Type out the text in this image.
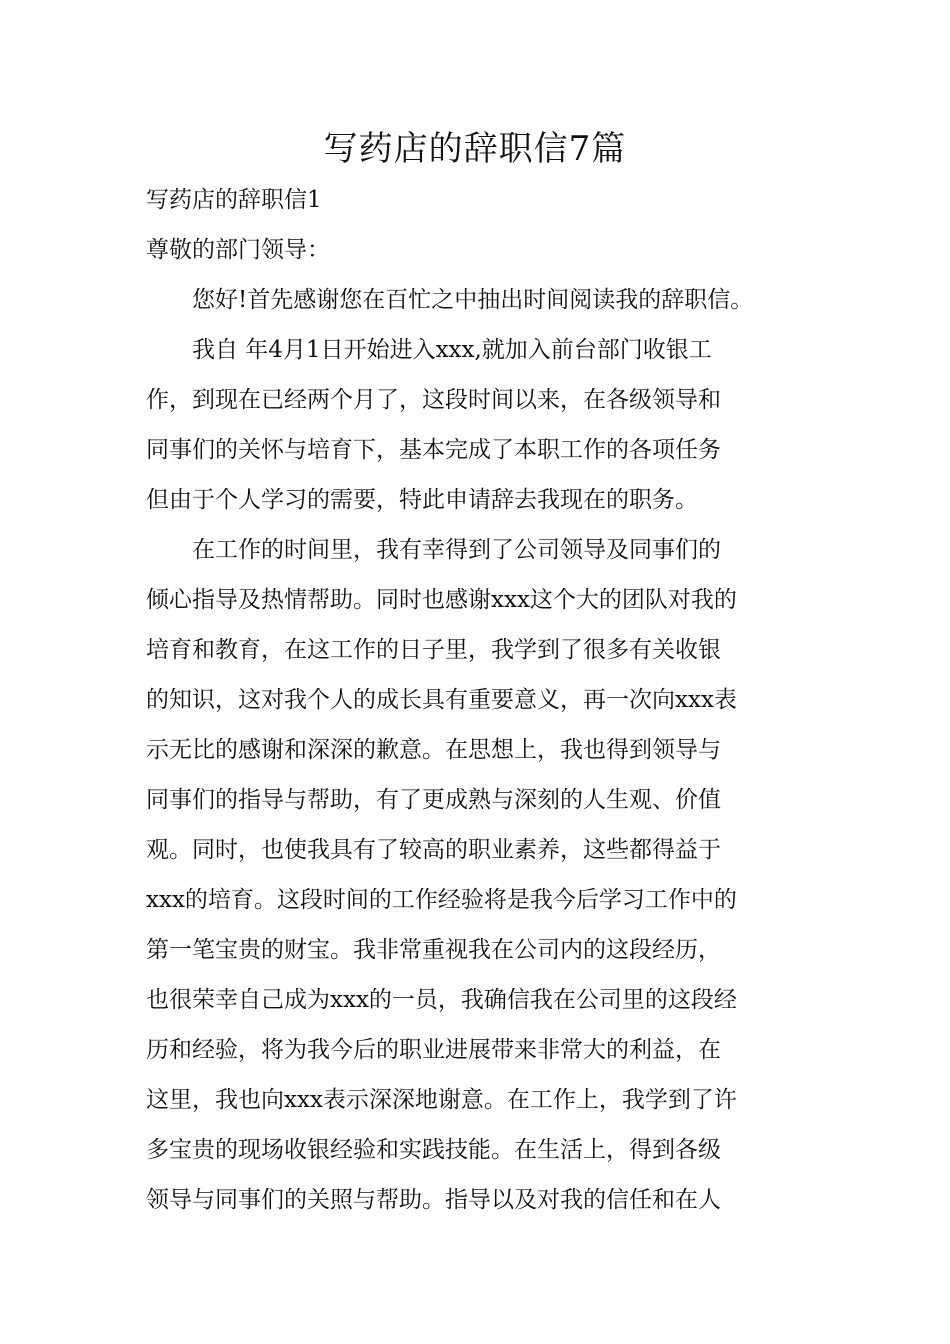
写药店的辞职信7篇
写药店的辞职信1

尊敬的部门领导：

　　您好!首先感谢您在百忙之中抽出时间阅读我的辞职信。
　　我自 年4月1日开始进入xxx,就加入前台部门收银工
作，到现在已经两个月了，这段时间以来，在各级领导和
同事们的关怀与培育下，基本完成了本职工作的各项任务
但由于个人学习的需要，特此申请辞去我现在的职务。
　　在工作的时间里，我有幸得到了公司领导及同事们的
倾心指导及热情帮助。同时也感谢xxx这个大的团队对我的
培育和教育，在这工作的日子里，我学到了很多有关收银
的知识，这对我个人的成长具有重要意义，再一次向xxx表
示无比的感谢和深深的歉意。在思想上，我也得到领导与
同事们的指导与帮助，有了更成熟与深刻的人生观、价值
观。同时，也使我具有了较高的职业素养，这些都得益于
xxx的培育。这段时间的工作经验将是我今后学习工作中的
第一笔宝贵的财宝。我非常重视我在公司内的这段经历，
也很荣幸自己成为xxx的一员，我确信我在公司里的这段经
历和经验，将为我今后的职业进展带来非常大的利益，在
这里，我也向xxx表示深深地谢意。在工作上，我学到了许
多宝贵的现场收银经验和实践技能。在生活上，得到各级
领导与同事们的关照与帮助。指导以及对我的信任和在人
